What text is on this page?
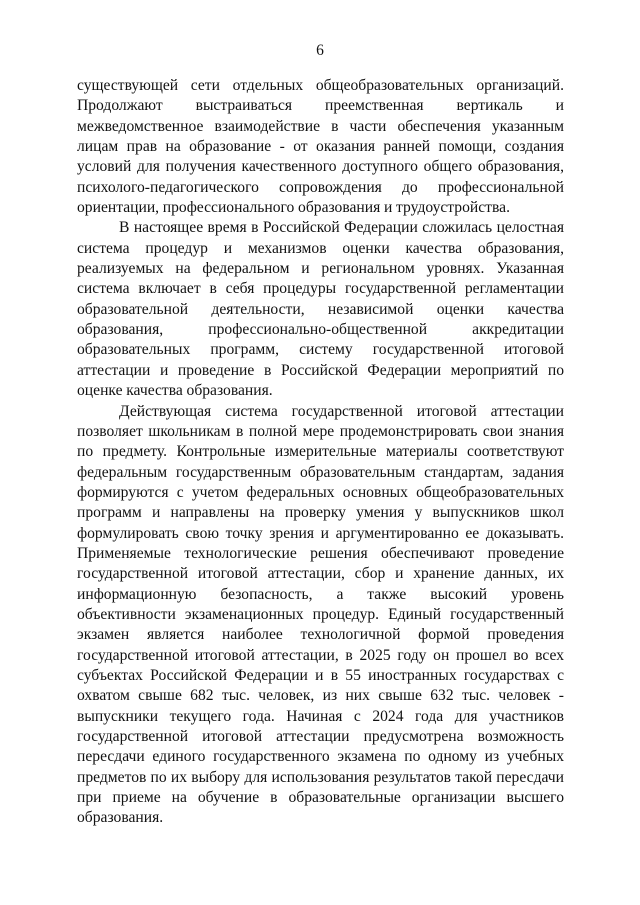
6

существующей сети отдельных общеобразовательных организаций. Продолжают выстраиваться преемственная вертикаль и межведомственное взаимодействие в части обеспечения указанным лицам прав на образование - от оказания ранней помощи, создания условий для получения качественного доступного общего образования, психолого-педагогического сопровождения до профессиональной ориентации, профессионального образования и трудоустройства.

В настоящее время в Российской Федерации сложилась целостная система процедур и механизмов оценки качества образования, реализуемых на федеральном и региональном уровнях. Указанная система включает в себя процедуры государственной регламентации образовательной деятельности, независимой оценки качества образования, профессионально-общественной аккредитации образовательных программ, систему государственной итоговой аттестации и проведение в Российской Федерации мероприятий по оценке качества образования.

Действующая система государственной итоговой аттестации позволяет школьникам в полной мере продемонстрировать свои знания по предмету. Контрольные измерительные материалы соответствуют федеральным государственным образовательным стандартам, задания формируются с учетом федеральных основных общеобразовательных программ и направлены на проверку умения у выпускников школ формулировать свою точку зрения и аргументированно ее доказывать. Применяемые технологические решения обеспечивают проведение государственной итоговой аттестации, сбор и хранение данных, их информационную безопасность, а также высокий уровень объективности экзаменационных процедур. Единый государственный экзамен является наиболее технологичной формой проведения государственной итоговой аттестации, в 2025 году он прошел во всех субъектах Российской Федерации и в 55 иностранных государствах с охватом свыше 682 тыс. человек, из них свыше 632 тыс. человек - выпускники текущего года. Начиная с 2024 года для участников государственной итоговой аттестации предусмотрена возможность пересдачи единого государственного экзамена по одному из учебных предметов по их выбору для использования результатов такой пересдачи при приеме на обучение в образовательные организации высшего образования.
